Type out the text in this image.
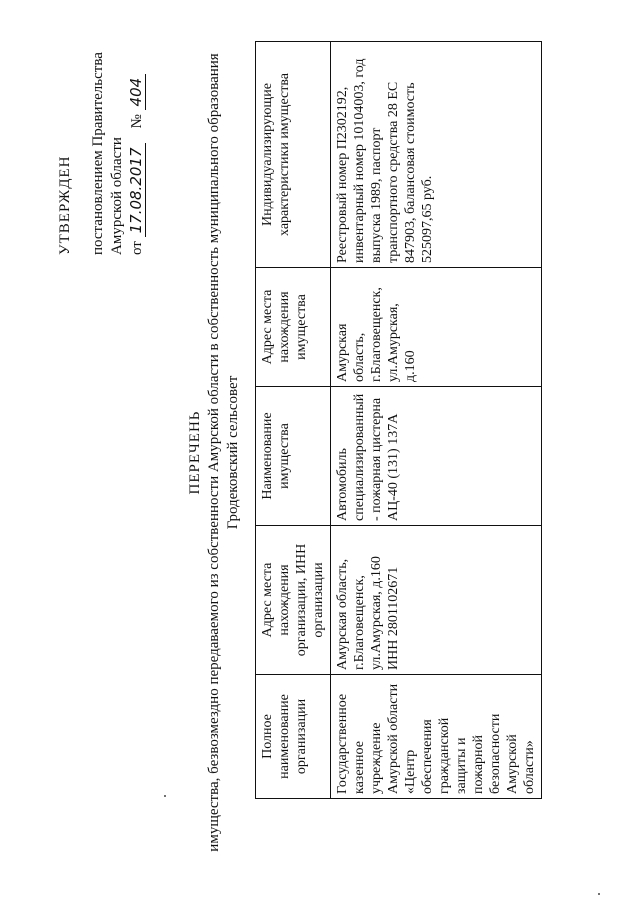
УТВЕРЖДЕН постановлением Правительства Амурской области от 17.08.2017    № 404
ПЕРЕЧЕНЬ имущества, безвозмездно передаваемого из собственности Амурской области в собственность муниципального образования Гродековский сельсовет
Полное наименование организации	Адрес места нахождения организации, ИНН организации	Наименование имущества	Адрес места нахождения имущества	Индивидуализирующие характеристики имущества
Государственное казенное учреждение Амурской области «Центр обеспечения гражданской защиты и пожарной безопасности Амурской области»	Амурская область, г.Благовещенск, ул.Амурская, д.160 ИНН 2801102671	Автомобиль специализированный - пожарная цистерна АЦ-40 (131) 137А	Амурская область, г.Благовещенск, ул.Амурская, д.160	Реестровый номер П2302192, инвентарный номер 10104003, год выпуска 1989, паспорт транспортного средства 28 ЕС 847903, балансовая стоимость 525097,65 руб.
